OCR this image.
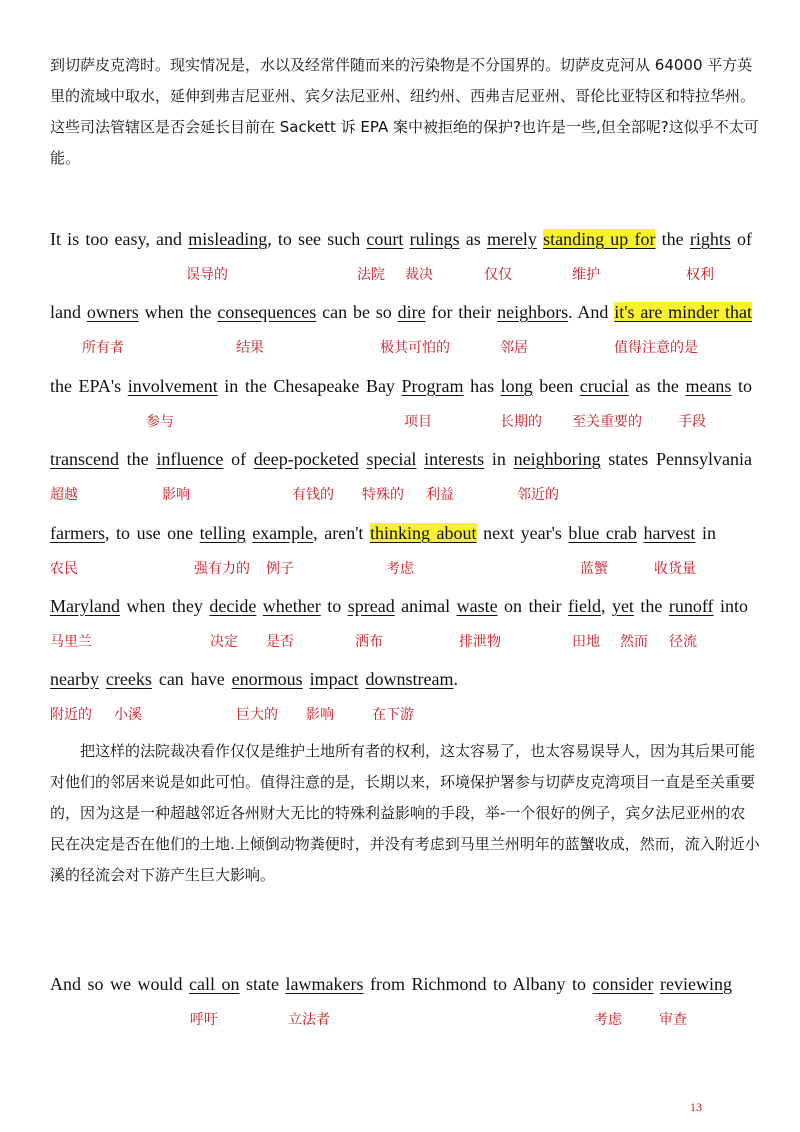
到切萨皮克湾时。现实情况是，水以及经常伴随而来的污染物是不分国界的。切萨皮克河从 64000 平方英里的流域中取水，延伸到弗吉尼亚州、宾夕法尼亚州、纽约州、西弗吉尼亚州、哥伦比亚特区和特拉华州。这些司法管辖区是否会延长目前在 Sackett 诉 EPA 案中被拒绝的保护?也许是一些,但全部呢?这似乎不太可能。

It is too easy, and misleading, to see such court rulings as merely standing up for the rights of
误导的	法院 裁决	仅仅	维护	权利
land owners when the consequences can be so dire for their neighbors. And it's are minder that
所有者	结果	极其可怕的	邻居	值得注意的是
the EPA's involvement in the Chesapeake Bay Program has long been crucial as the means to
参与	项目	长期的 至关重要的	手段
transcend the influence of deep-pocketed special interests in neighboring states Pennsylvania
超越	影响	有钱的 特殊的 利益	邻近的
farmers, to use one telling example, aren't thinking about next year's blue crab harvest in
农民	强有力的 例子	考虑	蓝蟹	收货量
Maryland when they decide whether to spread animal waste on their field, yet the runoff into
马里兰	决定 是否	洒布	排泄物	田地 然而 径流
nearby creeks can have enormous impact downstream.
附近的 小溪	巨大的 影响	在下游
And so we would call on state lawmakers from Richmond to Albany to consider reviewing
呼吁	立法者	考虑	审查

把这样的法院裁决看作仅仅是维护土地所有者的权利，这太容易了，也太容易误导人，因为其后果可能对他们的邻居来说是如此可怕。值得注意的是，长期以来，环境保护署参与切萨皮克湾项目一直是至关重要的，因为这是一种超越邻近各州财大无比的特殊利益影响的手段，举-一个很好的例子，宾夕法尼亚州的农民在决定是否在他们的土地.上倾倒动物粪便时，并没有考虑到马里兰州明年的蓝蟹收成，然而，流入附近小溪的径流会对下游产生巨大影响。

13
